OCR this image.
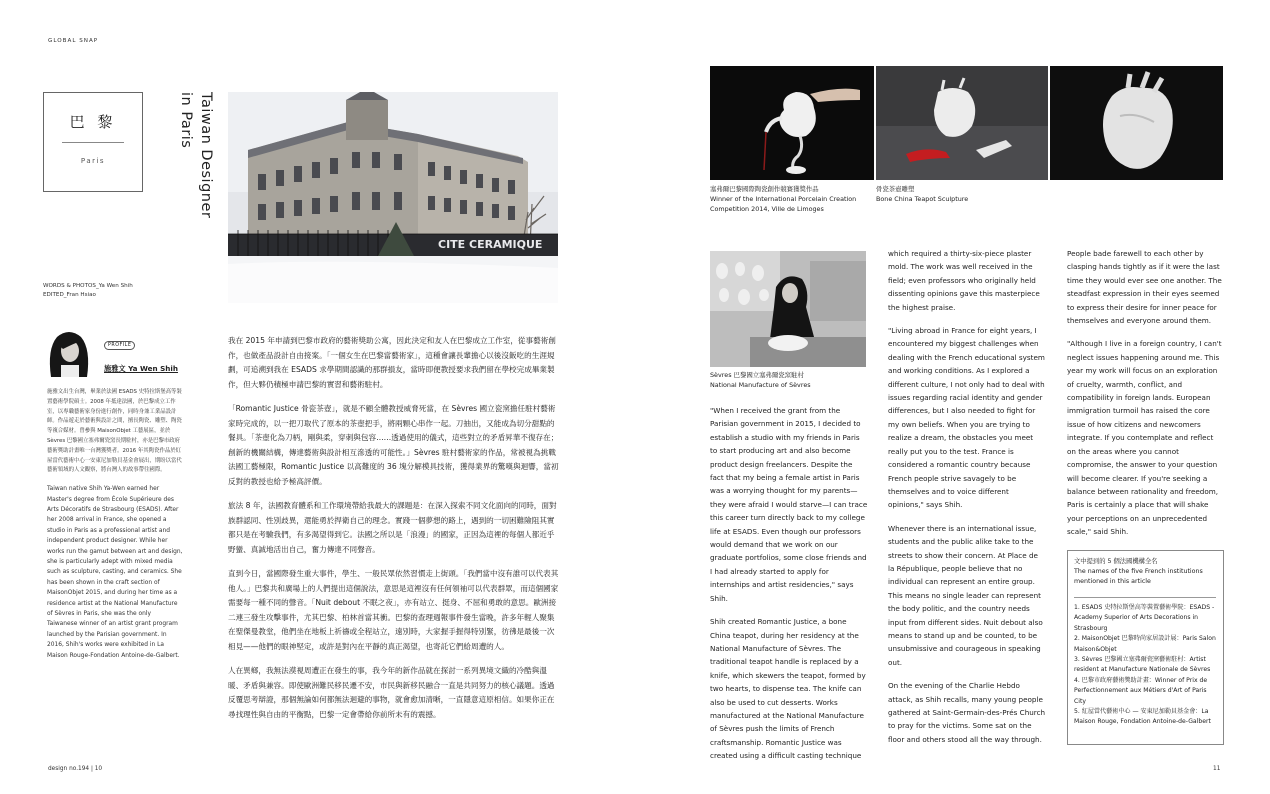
GLOBAL SNAP
巴 黎
Paris	Taiwan Designer
in Paris
CITE CERAMIQUE
WORDS & PHOTOS_Ya Wen Shih
EDITED_Fran Hsiao
PROFILE
施雅文 Ya Wen Shih

施雅文出生台灣，畢業於法國 ESADS 史特拉斯堡高等裝置藝術學院碩士。2008 年抵達法國，於巴黎成立工作室，以專職藝術家身份進行創作，同時身兼工業品設計師。作品遊走於藝術與設計之間，擅長陶瓷、雕塑、陶瓷等複合媒材。曾參與 MaisonObjet 工藝展區，並於 Sèvres 巴黎國立塞弗爾瓷窯長期駐村，亦是巴黎市政府藝術獎助計畫唯一台灣獲獎者。2016 年其陶瓷作品於紅屋當代藝術中心一安東尼加勒貝基金會展出，期盼以當代藝術領域的人文觀察，將台灣人的故事帶往國際。

Taiwan native Shih Ya-Wen earned her Master's degree from École Supérieure des Arts Décoratifs de Strasbourg (ESADS). After her 2008 arrival in France, she opened a studio in Paris as a professional artist and independent product designer. While her works run the gamut between art and design, she is particularly adept with mixed media such as sculpture, casting, and ceramics. She has been shown in the craft section of MaisonObjet 2015, and during her time as a residence artist at the National Manufacture of Sèvres in Paris, she was the only Taiwanese winner of an artist grant program launched by the Parisian government. In 2016, Shih's works were exhibited in La Maison Rouge-Fondation Antoine-de-Galbert.

我在 2015 年申請到巴黎市政府的藝術獎助公寓，因此決定和友人在巴黎成立工作室，從事藝術創作，也做產品設計自由接案。「一個女生在巴黎當藝術家」，這種會讓長輩擔心以後沒飯吃的生涯規劃，可追溯到我在 ESADS 求學期間認識的那群損友，當時即便教授要求我們留在學校完成畢業製作，但大夥仍積極申請巴黎的實習和藝術駐村。

「Romantic Justice 骨瓷茶壺」，就是不顧全體教授威脅死當，在 Sèvres 國立瓷窯擔任駐村藝術家時完成的，以一把刀取代了原本的茶壺把手，將兩顆心串作一起。刀抽出，又能成為切分甜點的餐具。「茶壺化為刀柄，剛與柔，穿刺與包容……透過使用的儀式，這些對立的矛盾昇華不復存在；創新的機關結構，傳達藝術與設計相互滲透的可能性。」Sèvres 駐村藝術家的作品，常被視為挑戰法國工藝極限，Romantic Justice 以高難度的 36 塊分解模具技術，獲得業界的驚嘆與迴響，當初反對的教授也給予極高評價。

旅法 8 年，法國教育體系和工作環境帶給我最大的課題是：在深入探索不同文化面向的同時，面對族群認同、性別歧異，還能勇於捍衛自己的理念。實踐一個夢想的路上，遇到的一切困難險阻其實都只是在考驗我們，有多渴望得到它。法國之所以是「浪漫」的國家，正因為這裡的每個人都近乎野蠻、真誠地活出自己，奮力傳達不同聲音。

直到今日，當國際發生重大事件，學生、一般民眾依然習慣走上街頭。「我們當中沒有誰可以代表其他人。」巴黎共和廣場上的人們提出這個說法，意思是這裡沒有任何領袖可以代表群眾，而這個國家需要每一種不同的聲音。「Nuit debout 不眠之夜」，亦有站立、挺身、不屈和勇敢的意思。歐洲接二連三發生攻擊事件，尤其巴黎、柏林首當其衝。巴黎的查理週報事件發生當晚，許多年輕人聚集在聖傑曼教堂，他們坐在地板上祈禱或全程站立，遠別時，大家握手握得特別緊，彷彿是最後一次相見——他們的眼神堅定，或許是對內在平靜的真正渴望，也寄託它們給周遭的人。

人在異鄉，我無法漠視周遭正在發生的事，我今年的新作品就在探討一系列異境文織的冷酷與溫暖、矛盾與兼容。即使歐洲難民移民遷不安，市民與新移民融合一直是共同努力的核心議題。透過反覆思考辯證，那個無論如何都無法迴避的事物，就會愈加清晰，一直隱意這原相信。如果你正在尋找理性與自由的平衡點，巴黎一定會帶給你前所未有的震撼。

design no.194 | 10
塞弗爾巴黎國際陶瓷創作競賽獲獎作品
Winner of the International Porcelain Creation Competition 2014, Ville de Limoges
骨瓷茶壺雕塑
Bone China Teapot Sculpture
Sèvres 巴黎國立塞弗爾瓷窯駐村
National Manufacture of Sèvres

"When I received the grant from the Parisian government in 2015, I decided to establish a studio with my friends in Paris to start producing art and also become product design freelancers. Despite the fact that my being a female artist in Paris was a worrying thought for my parents—they were afraid I would starve—I can trace this career turn directly back to my college life at ESADS. Even though our professors would demand that we work on our graduate portfolios, some close friends and I had already started to apply for internships and artist residencies," says Shih.

Shih created Romantic Justice, a bone China teapot, during her residency at the National Manufacture of Sèvres. The traditional teapot handle is replaced by a knife, which skewers the teapot, formed by two hearts, to dispense tea. The knife can also be used to cut desserts. Works manufactured at the National Manufacture of Sèvres push the limits of French craftsmanship. Romantic Justice was created using a difficult casting technique

which required a thirty-six-piece plaster mold. The work was well received in the field; even professors who originally held dissenting opinions gave this masterpiece the highest praise.

"Living abroad in France for eight years, I encountered my biggest challenges when dealing with the French educational system and working conditions. As I explored a different culture, I not only had to deal with issues regarding racial identity and gender differences, but I also needed to fight for my own beliefs. When you are trying to realize a dream, the obstacles you meet really put you to the test. France is considered a romantic country because French people strive savagely to be themselves and to voice different opinions," says Shih.

Whenever there is an international issue, students and the public alike take to the streets to show their concern. At Place de la République, people believe that no individual can represent an entire group. This means no single leader can represent the body politic, and the country needs input from different sides. Nuit debout also means to stand up and be counted, to be unsubmissive and courageous in speaking out.

On the evening of the Charlie Hebdo attack, as Shih recalls, many young people gathered at Saint-Germain-des-Prés Church to pray for the victims. Some sat on the floor and others stood all the way through.

People bade farewell to each other by clasping hands tightly as if it were the last time they would ever see one another. The steadfast expression in their eyes seemed to express their desire for inner peace for themselves and everyone around them.

"Although I live in a foreign country, I can't neglect issues happening around me. This year my work will focus on an exploration of cruelty, warmth, conflict, and compatibility in foreign lands. European immigration turmoil has raised the core issue of how citizens and newcomers integrate. If you contemplate and reflect on the areas where you cannot compromise, the answer to your question will become clearer. If you're seeking a balance between rationality and freedom, Paris is certainly a place that will shake your perceptions on an unprecedented scale," said Shih.

文中提到的 5 個法國機構全名
The names of the five French institutions mentioned in this article
1. ESADS 史特拉斯堡高等裝置藝術學院：ESADS - Academy Superior of Arts Decorations in Strasbourg
2. MaisonObjet 巴黎時尚家居設計展：Paris Salon Maison&Objet
3. Sèvres 巴黎國立塞弗爾瓷窯藝術駐村：Artist resident at Manufacture Nationale de Sèvres
4. 巴黎市政府藝術獎助計畫：Winner of Prix de Perfectionnement aux Métiers d'Art of Paris City
5. 紅屋當代藝術中心 — 安東尼加勒貝基金會：La Maison Rouge, Fondation Antoine-de-Galbert
11
